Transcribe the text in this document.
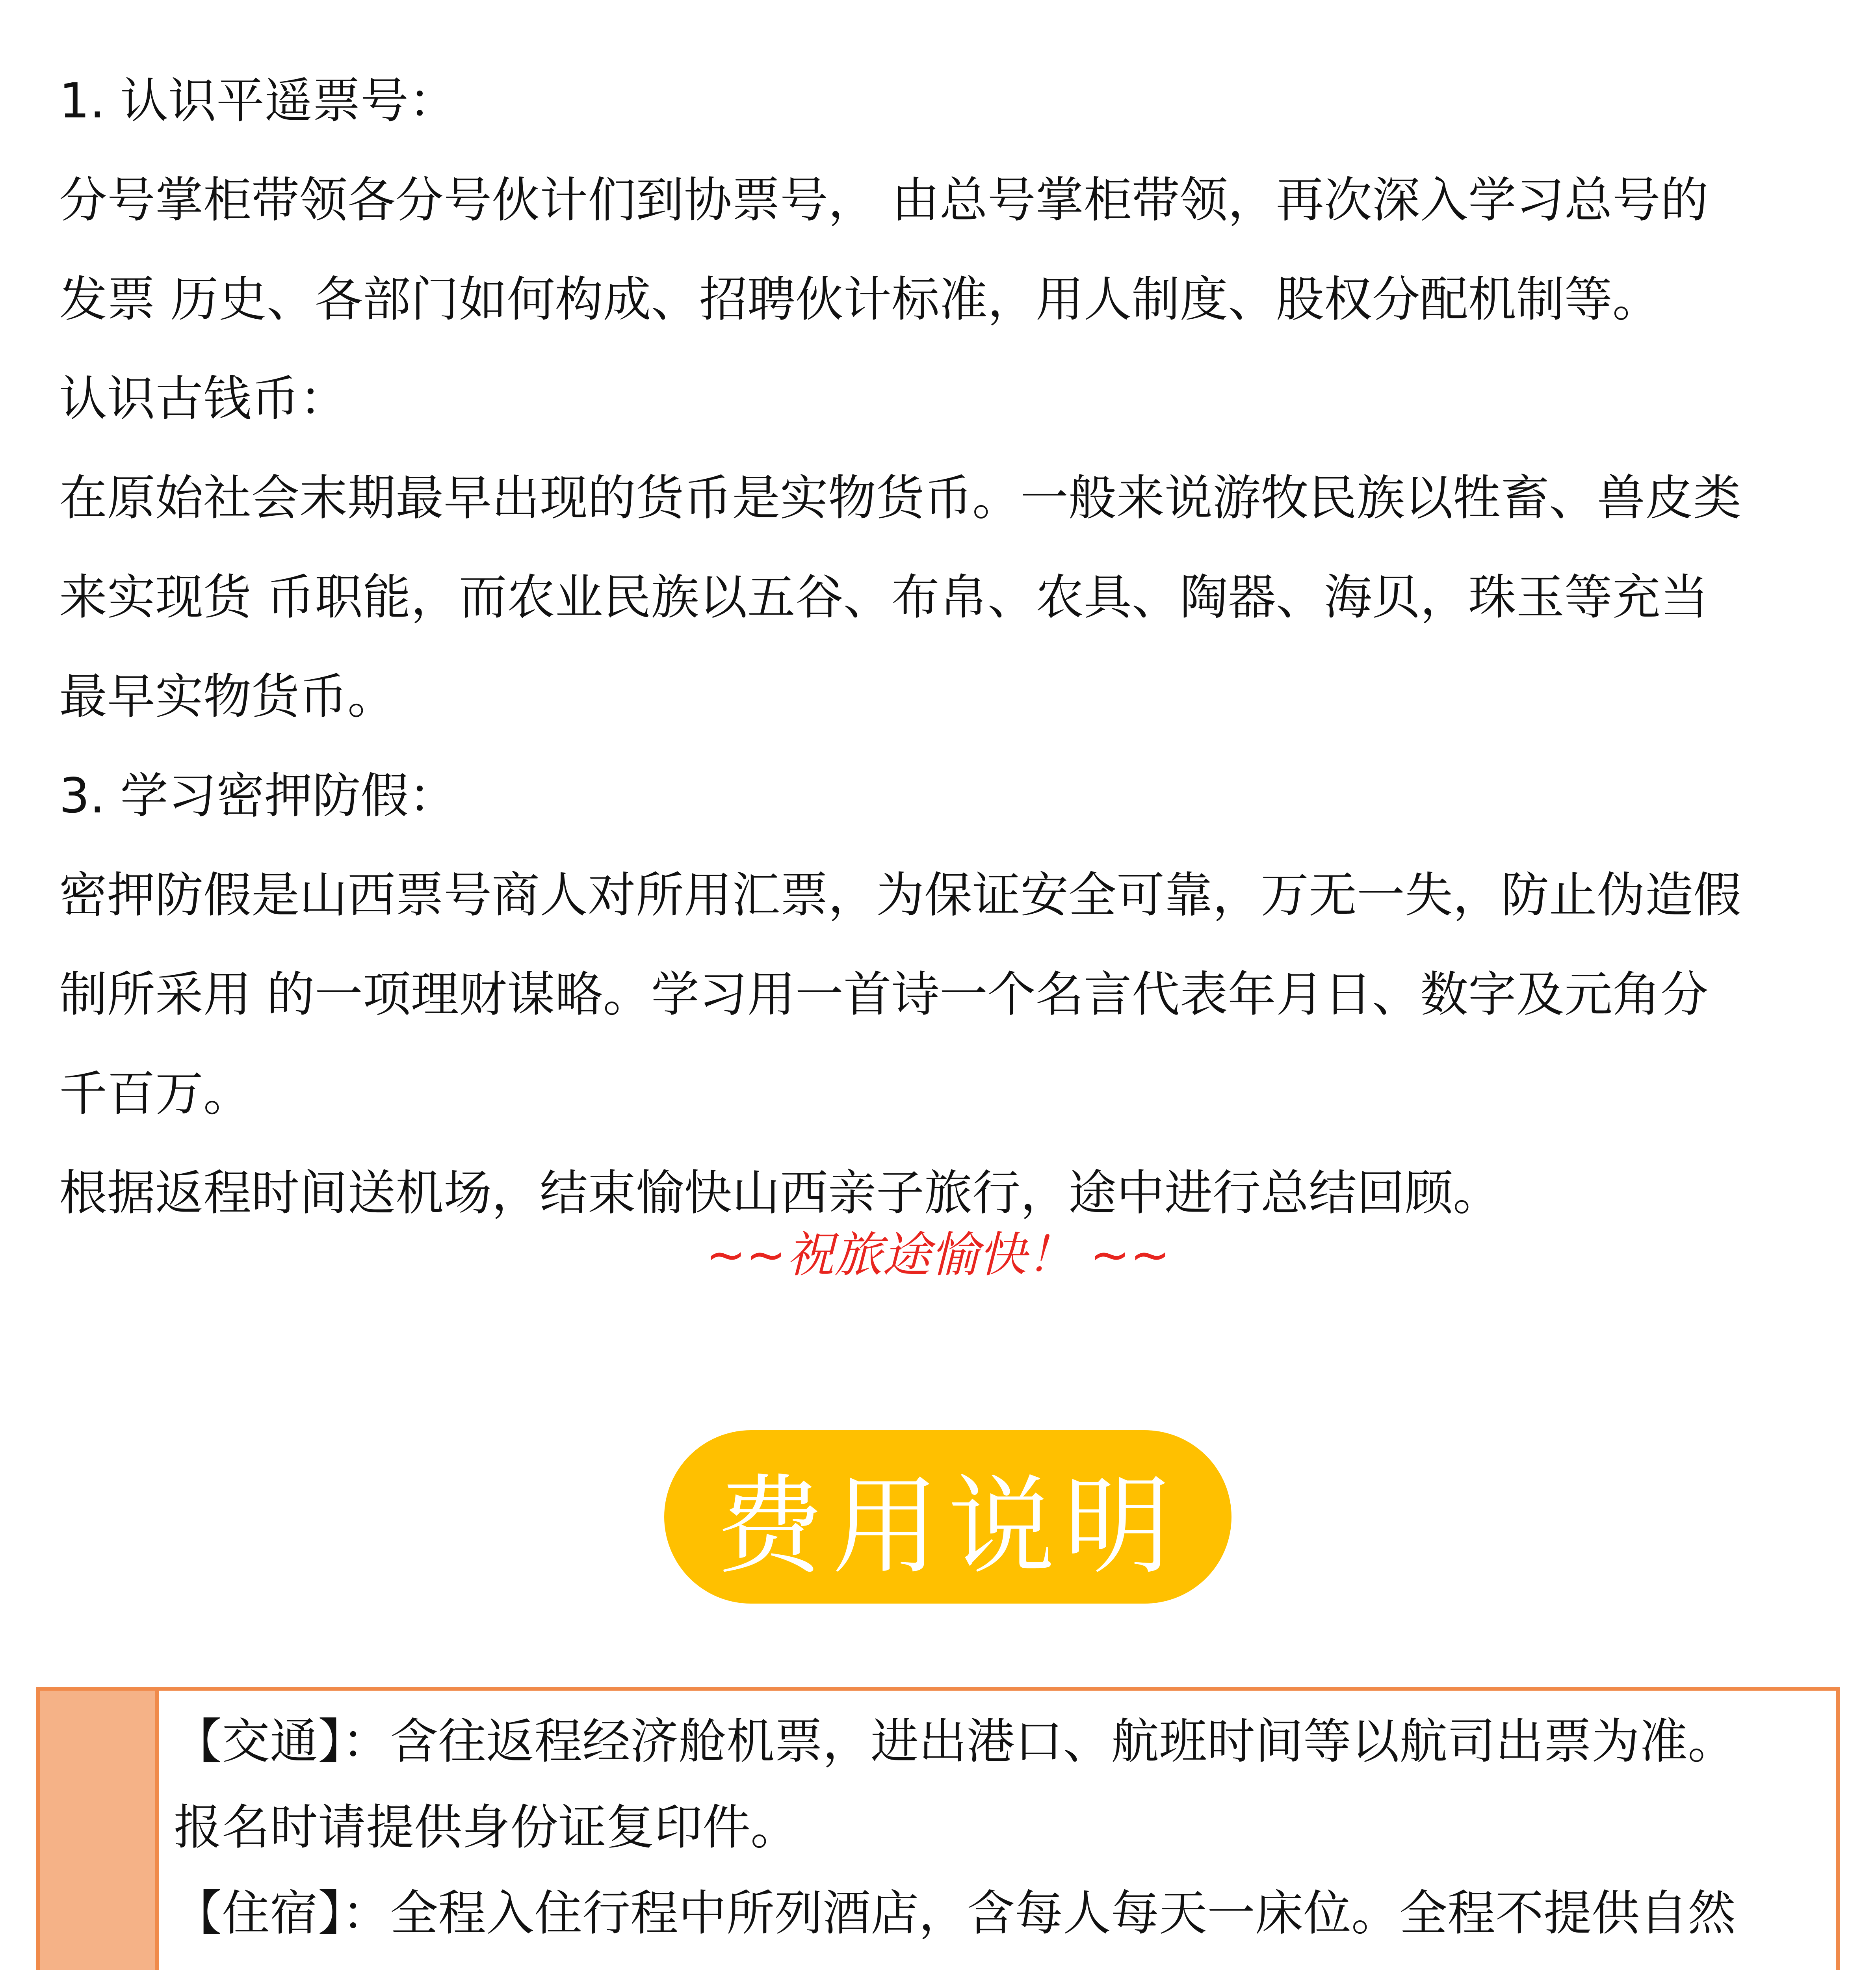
1. 认识平遥票号：

分号掌柜带领各分号伙计们到协票号， 由总号掌柜带领，再次深入学习总号的

发票 历史、各部门如何构成、招聘伙计标准，用人制度、股权分配机制等。

认识古钱币：

在原始社会末期最早出现的货币是实物货币。一般来说游牧民族以牲畜、兽皮类

来实现货 币职能，而农业民族以五谷、布帛、农具、陶器、海贝，珠玉等充当

最早实物货币。

3. 学习密押防假：

密押防假是山西票号商人对所用汇票，为保证安全可靠，万无一失，防止伪造假

制所采用 的一项理财谋略。学习用一首诗一个名言代表年月日、数字及元角分

千百万。

根据返程时间送机场，结束愉快山西亲子旅行，途中进行总结回顾。

~~祝旅途愉快！ ~~
费用说明

【交通】：含往返程经济舱机票，进出港口、航班时间等以航司出票为准。

报名时请提供身份证复印件。

【住宿】：全程入住行程中所列酒店，含每人每天一床位。全程不提供自然
